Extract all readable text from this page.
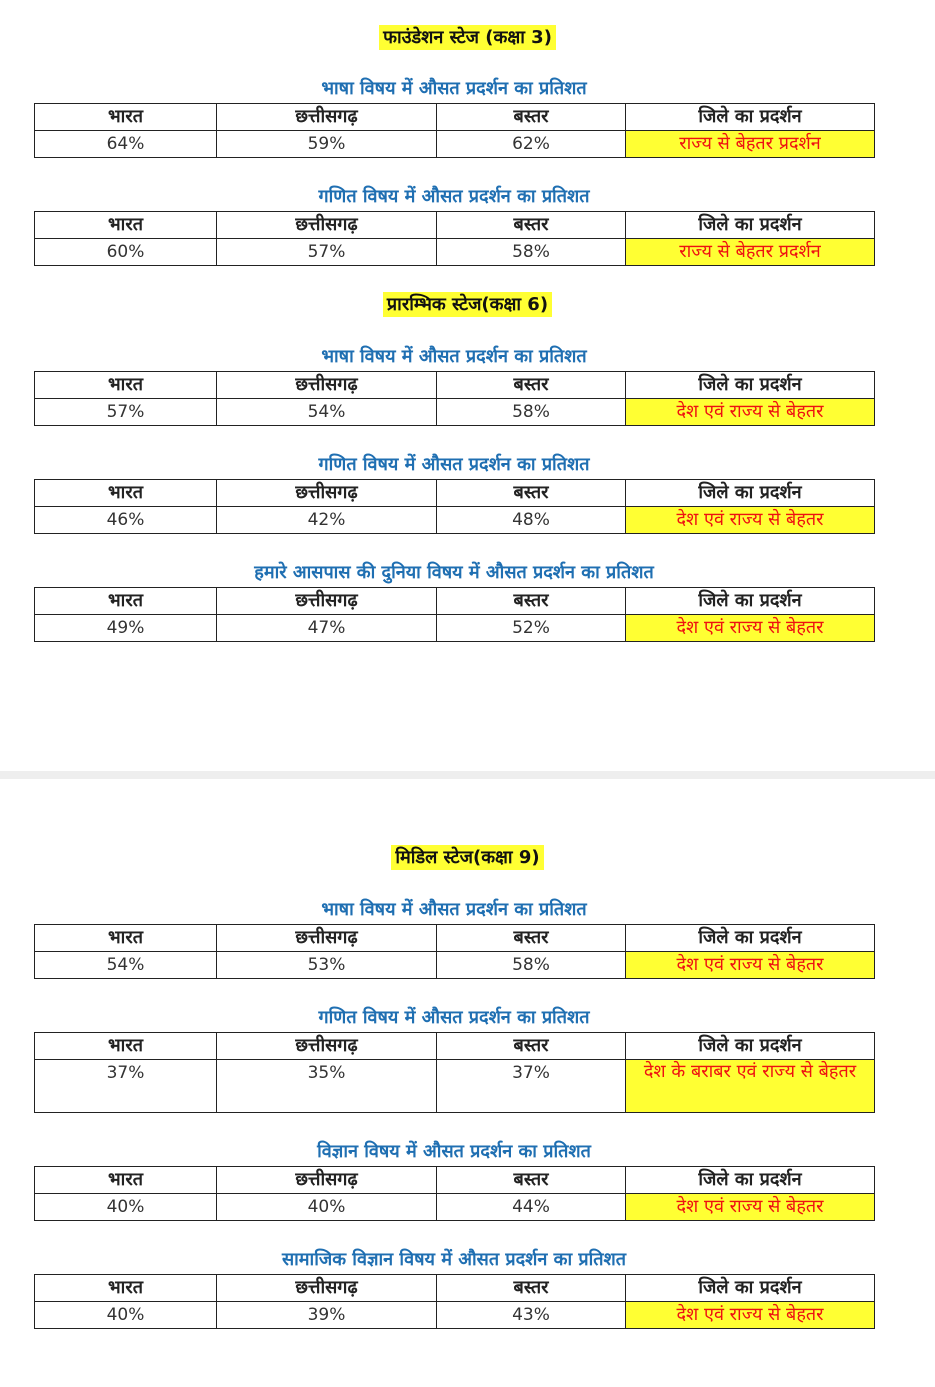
फाउंडेशन स्टेज (कक्षा 3)
भाषा विषय में औसत प्रदर्शन का प्रतिशत
भारत	छत्तीसगढ़	बस्तर	जिले का प्रदर्शन
64%	59%	62%	राज्य से बेहतर प्रदर्शन
गणित विषय में औसत प्रदर्शन का प्रतिशत
भारत	छत्तीसगढ़	बस्तर	जिले का प्रदर्शन
60%	57%	58%	राज्य से बेहतर प्रदर्शन
प्रारम्भिक स्टेज(कक्षा 6)
भाषा विषय में औसत प्रदर्शन का प्रतिशत
भारत	छत्तीसगढ़	बस्तर	जिले का प्रदर्शन
57%	54%	58%	देश एवं राज्य से बेहतर
गणित विषय में औसत प्रदर्शन का प्रतिशत
भारत	छत्तीसगढ़	बस्तर	जिले का प्रदर्शन
46%	42%	48%	देश एवं राज्य से बेहतर
हमारे आसपास की दुनिया विषय में औसत प्रदर्शन का प्रतिशत
भारत	छत्तीसगढ़	बस्तर	जिले का प्रदर्शन
49%	47%	52%	देश एवं राज्य से बेहतर
मिडिल स्टेज(कक्षा 9)
भाषा विषय में औसत प्रदर्शन का प्रतिशत
भारत	छत्तीसगढ़	बस्तर	जिले का प्रदर्शन
54%	53%	58%	देश एवं राज्य से बेहतर
गणित विषय में औसत प्रदर्शन का प्रतिशत
भारत	छत्तीसगढ़	बस्तर	जिले का प्रदर्शन
37%	35%	37%	देश के बराबर एवं राज्य से बेहतर
विज्ञान विषय में औसत प्रदर्शन का प्रतिशत
भारत	छत्तीसगढ़	बस्तर	जिले का प्रदर्शन
40%	40%	44%	देश एवं राज्य से बेहतर
सामाजिक विज्ञान विषय में औसत प्रदर्शन का प्रतिशत
भारत	छत्तीसगढ़	बस्तर	जिले का प्रदर्शन
40%	39%	43%	देश एवं राज्य से बेहतर
